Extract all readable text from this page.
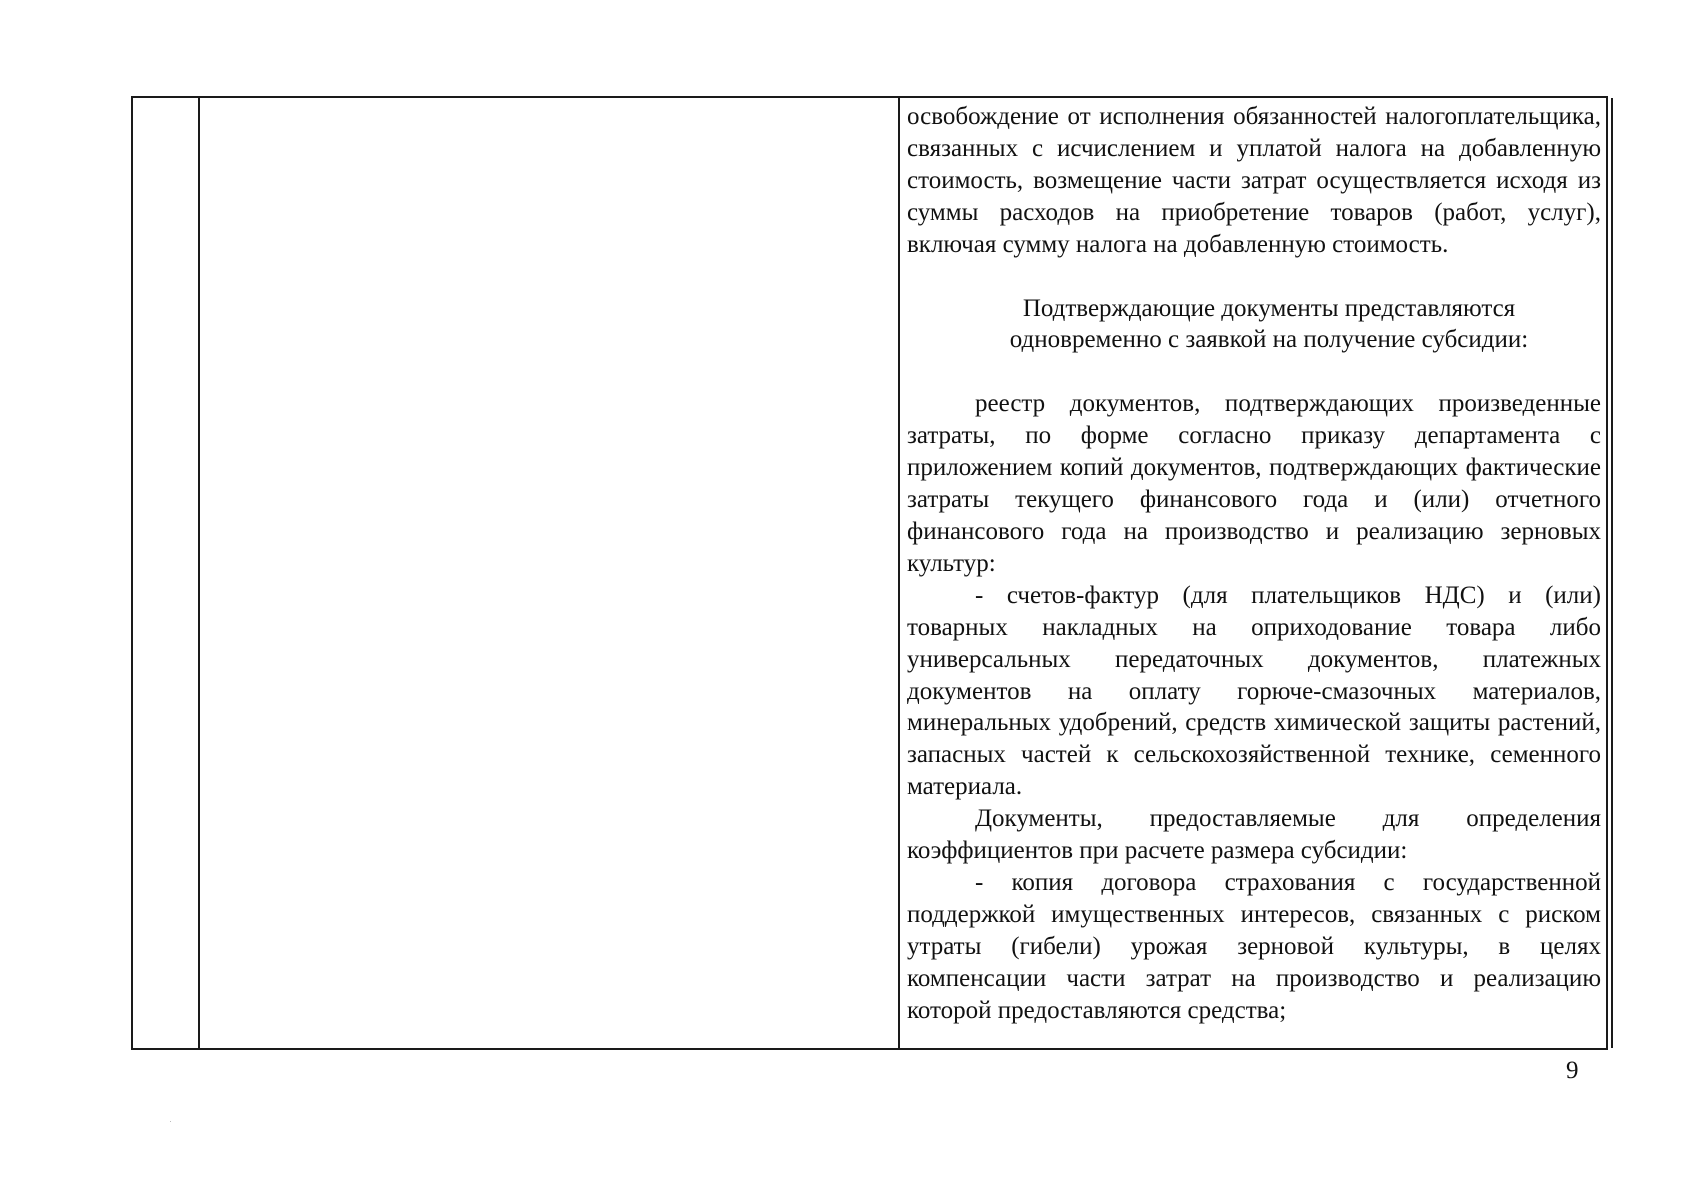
освобождение от исполнения обязанностей налогоплательщика, связанных с исчислением и уплатой налога на добавленную стоимость, возмещение части затрат осуществляется исходя из суммы расходов на приобретение товаров (работ, услуг), включая сумму налога на добавленную стоимость.

Подтверждающие документы представляются одновременно с заявкой на получение субсидии:

реестр документов, подтверждающих произведенные затраты, по форме согласно приказу департамента с приложением копий документов, подтверждающих фактические затраты текущего финансового года и (или) отчетного финансового года на производство и реализацию зерновых культур:

- счетов-фактур (для плательщиков НДС) и (или) товарных накладных на оприходование товара либо универсальных передаточных документов, платежных документов на оплату горюче-смазочных материалов, минеральных удобрений, средств химической защиты растений, запасных частей к сельскохозяйственной технике, семенного материала.

Документы, предоставляемые для определения коэффициентов при расчете размера субсидии:

- копия договора страхования с государственной поддержкой имущественных интересов, связанных с риском утраты (гибели) урожая зерновой культуры, в целях компенсации части затрат на производство и реализацию которой предоставляются средства;

9
